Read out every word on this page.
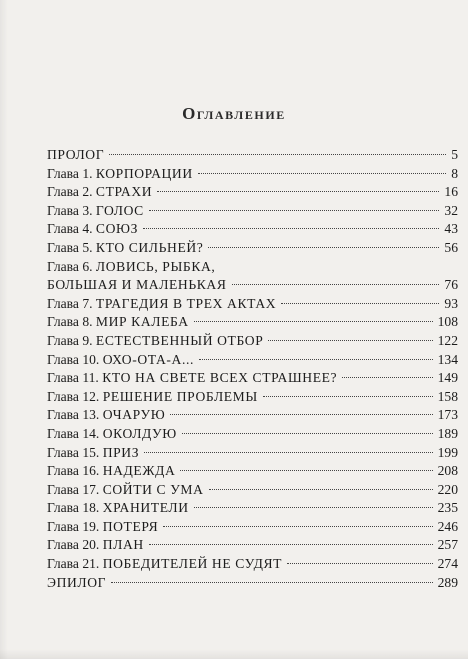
Оглавление
ПРОЛОГ	5
Глава 1. КОРПОРАЦИИ	8
Глава 2. СТРАХИ	16
Глава 3. ГОЛОС	32
Глава 4. СОЮЗ	43
Глава 5. КТО СИЛЬНЕЙ?	56
Глава 6. ЛОВИСЬ, РЫБКА,
БОЛЬШАЯ И МАЛЕНЬКАЯ	76
Глава 7. ТРАГЕДИЯ В ТРЕХ АКТАХ	93
Глава 8. МИР КАЛЕБА	108
Глава 9. ЕСТЕСТВЕННЫЙ ОТБОР	122
Глава 10. ОХО-ОТА-А...	134
Глава 11. КТО НА СВЕТЕ ВСЕХ СТРАШНЕЕ?	149
Глава 12. РЕШЕНИЕ ПРОБЛЕМЫ	158
Глава 13. ОЧАРУЮ	173
Глава 14. ОКОЛДУЮ	189
Глава 15. ПРИЗ	199
Глава 16. НАДЕЖДА	208
Глава 17. СОЙТИ С УМА	220
Глава 18. ХРАНИТЕЛИ	235
Глава 19. ПОТЕРЯ	246
Глава 20. ПЛАН	257
Глава 21. ПОБЕДИТЕЛЕЙ НЕ СУДЯТ	274
ЭПИЛОГ	289
